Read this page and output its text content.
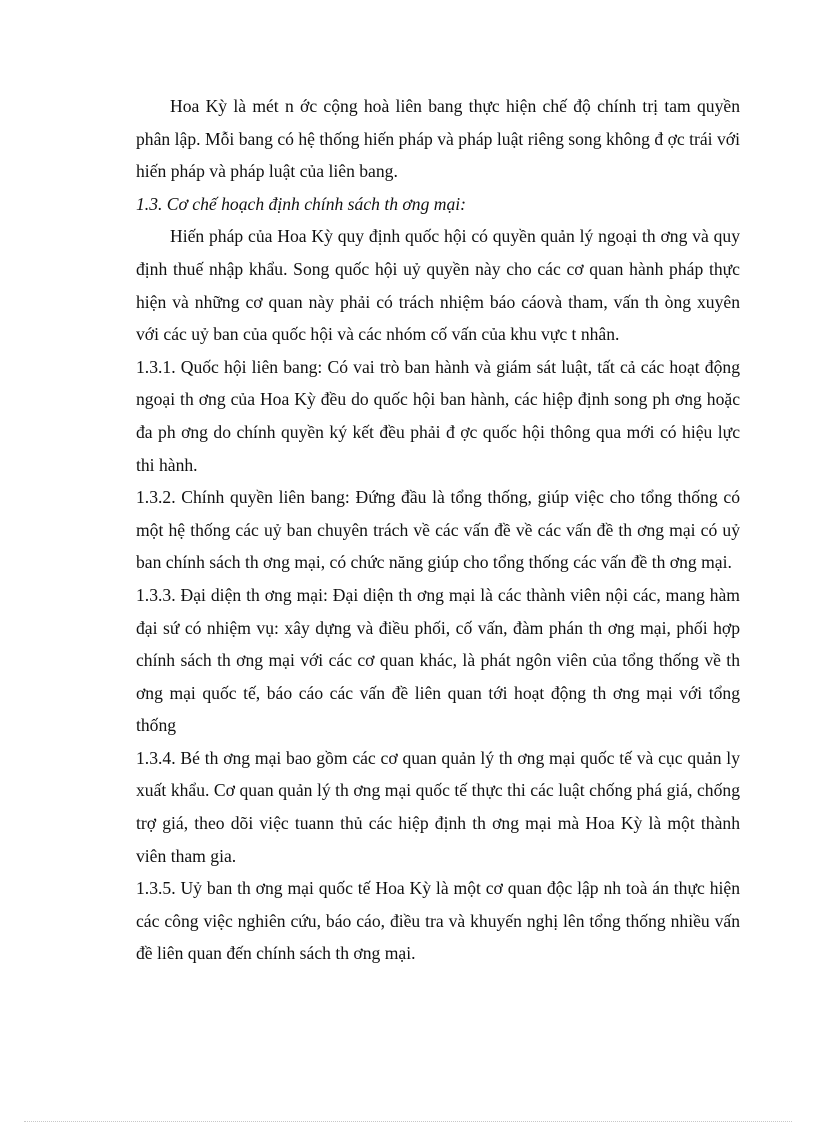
Hoa Kỳ là mét n ớc cộng hoà liên bang thực hiện chế độ chính trị tam quyền phân lập. Mỗi bang có hệ thống hiến pháp và pháp luật riêng song không đ ợc trái với hiến pháp và pháp luật của liên bang.

1.3. Cơ chế hoạch định chính sách th ơng mại:

Hiến pháp của Hoa Kỳ quy định quốc hội có quyền quản lý ngoại th ơng và quy định thuế nhập khẩu. Song quốc hội uỷ quyền này cho các cơ quan hành pháp thực hiện và những cơ quan này phải có trách nhiệm báo cáovà tham, vấn th òng xuyên với các uỷ ban của quốc hội và các nhóm cố vấn của khu vực t nhân.

1.3.1. Quốc hội liên bang: Có vai trò ban hành và giám sát luật, tất cả các hoạt động ngoại th ơng của Hoa Kỳ đều do quốc hội ban hành, các hiệp định song ph ơng hoặc đa ph ơng do chính quyền ký kết đều phải đ ợc quốc hội thông qua mới có hiệu lực thi hành.

1.3.2. Chính quyền liên bang: Đứng đầu là tổng thống, giúp việc cho tổng thống có một hệ thống các uỷ ban chuyên trách về các vấn đề về các vấn đề th ơng mại có uỷ ban chính sách th ơng mại, có chức năng giúp cho tổng thống các vấn đề th ơng mại.

1.3.3. Đại diện th ơng mại: Đại diện th ơng mại là các thành viên nội các, mang hàm đại sứ có nhiệm vụ: xây dựng và điều phối, cố vấn, đàm phán th ơng mại, phối hợp chính sách th ơng mại với các cơ quan khác, là phát ngôn viên của tổng thống về th ơng mại quốc tế, báo cáo các vấn đề liên quan tới hoạt động th ơng mại với tổng thống

1.3.4. Bé th ơng mại bao gồm các cơ quan quản lý th ơng mại quốc tế và cục quản ly xuất khẩu. Cơ quan quản lý th ơng mại quốc tế thực thi các luật chống phá giá, chống trợ giá, theo dõi việc tuann thủ các hiệp định th ơng mại mà Hoa Kỳ là một thành viên tham gia.

1.3.5. Uỷ ban th ơng mại quốc tế Hoa Kỳ là một cơ quan độc lập nh toà án thực hiện các công việc nghiên cứu, báo cáo, điều tra và khuyến nghị lên tổng thống nhiều vấn đề liên quan đến chính sách th ơng mại.
